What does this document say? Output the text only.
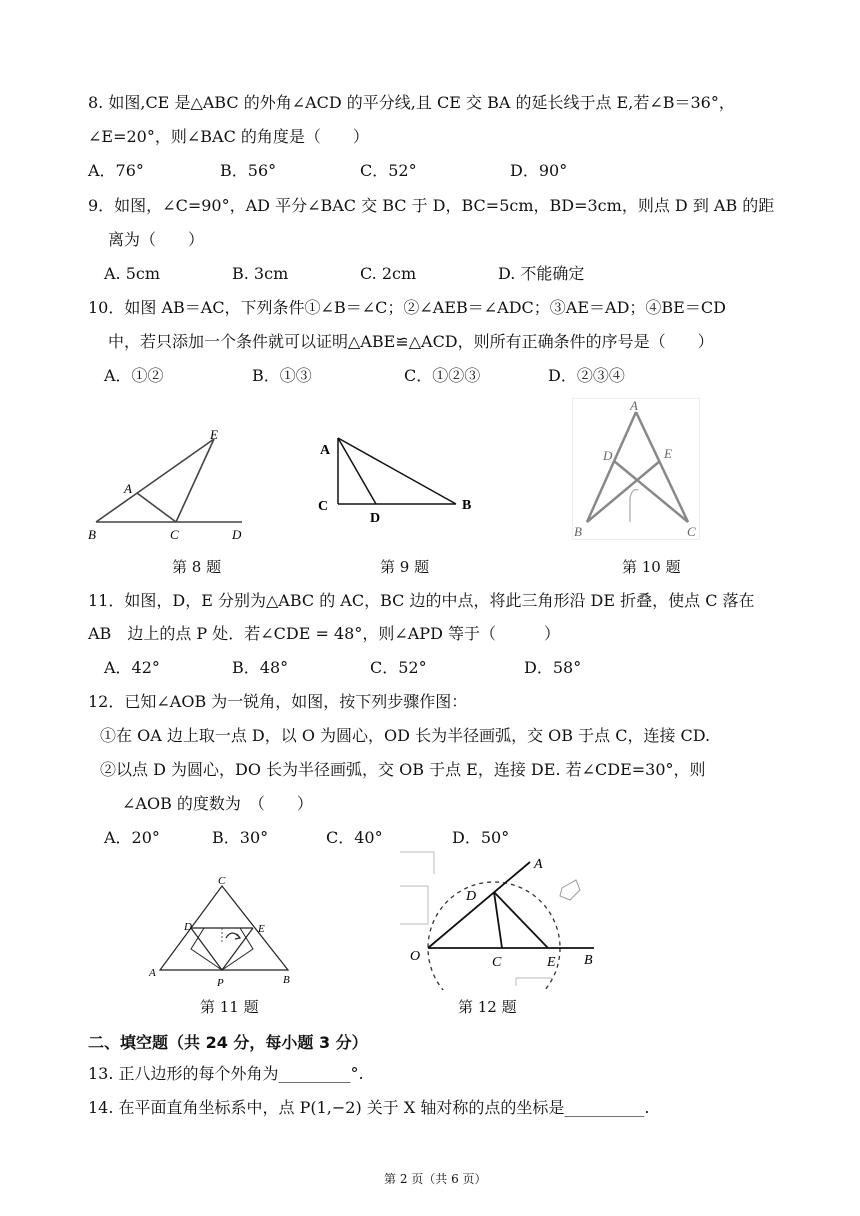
8. 如图,CE 是△ABC 的外角∠ACD 的平分线,且 CE 交 BA 的延长线于点 E,若∠B＝36°，
∠E=20°，则∠BAC 的角度是（　　）
A．76°	B．56°	C．52°	D．90°
9．如图，∠C=90°，AD 平分∠BAC 交 BC 于 D，BC=5cm，BD=3cm，则点 D 到 AB 的距
离为（　　）
A. 5cm	B. 3cm	C. 2cm	D. 不能确定
10．如图 AB＝AC，下列条件①∠B＝∠C；②∠AEB＝∠ADC；③AE＝AD；④BE＝CD
中，若只添加一个条件就可以证明△ABE≌△ACD，则所有正确条件的序号是（　　）
A．①②	B．①③	C．①②③	D．②③④
E
A
B	C	D
第 8 题
A
C
D
B
第 9 题
A
D	E
B	C
第 10 题
11．如图，D，E 分别为△ABC 的 AC，BC 边的中点，将此三角形沿 DE 折叠，使点 C 落在
AB　边上的点 P 处．若∠CDE = 48°，则∠APD 等于（　　　）
A．42°	B．48°	C．52°	D．58°
12．已知∠AOB 为一锐角，如图，按下列步骤作图：
①在 OA 边上取一点 D，以 O 为圆心，OD 长为半径画弧，交 OB 于点 C，连接 CD.
②以点 D 为圆心，DO 长为半径画弧，交 OB 于点 E，连接 DE. 若∠CDE=30°，则
∠AOB 的度数为　（　　）
A．20°	B．30°	C．40°	D．50°
C
D	E
A
B
P
第 11 题
A
D
O	C	E B
第 12 题
二、填空题（共 24 分，每小题 3 分）
13. 正八边形的每个外角为_________°.
14. 在平面直角坐标系中，点 P(1,−2) 关于 X 轴对称的点的坐标是__________.
第 2 页（共 6 页）
